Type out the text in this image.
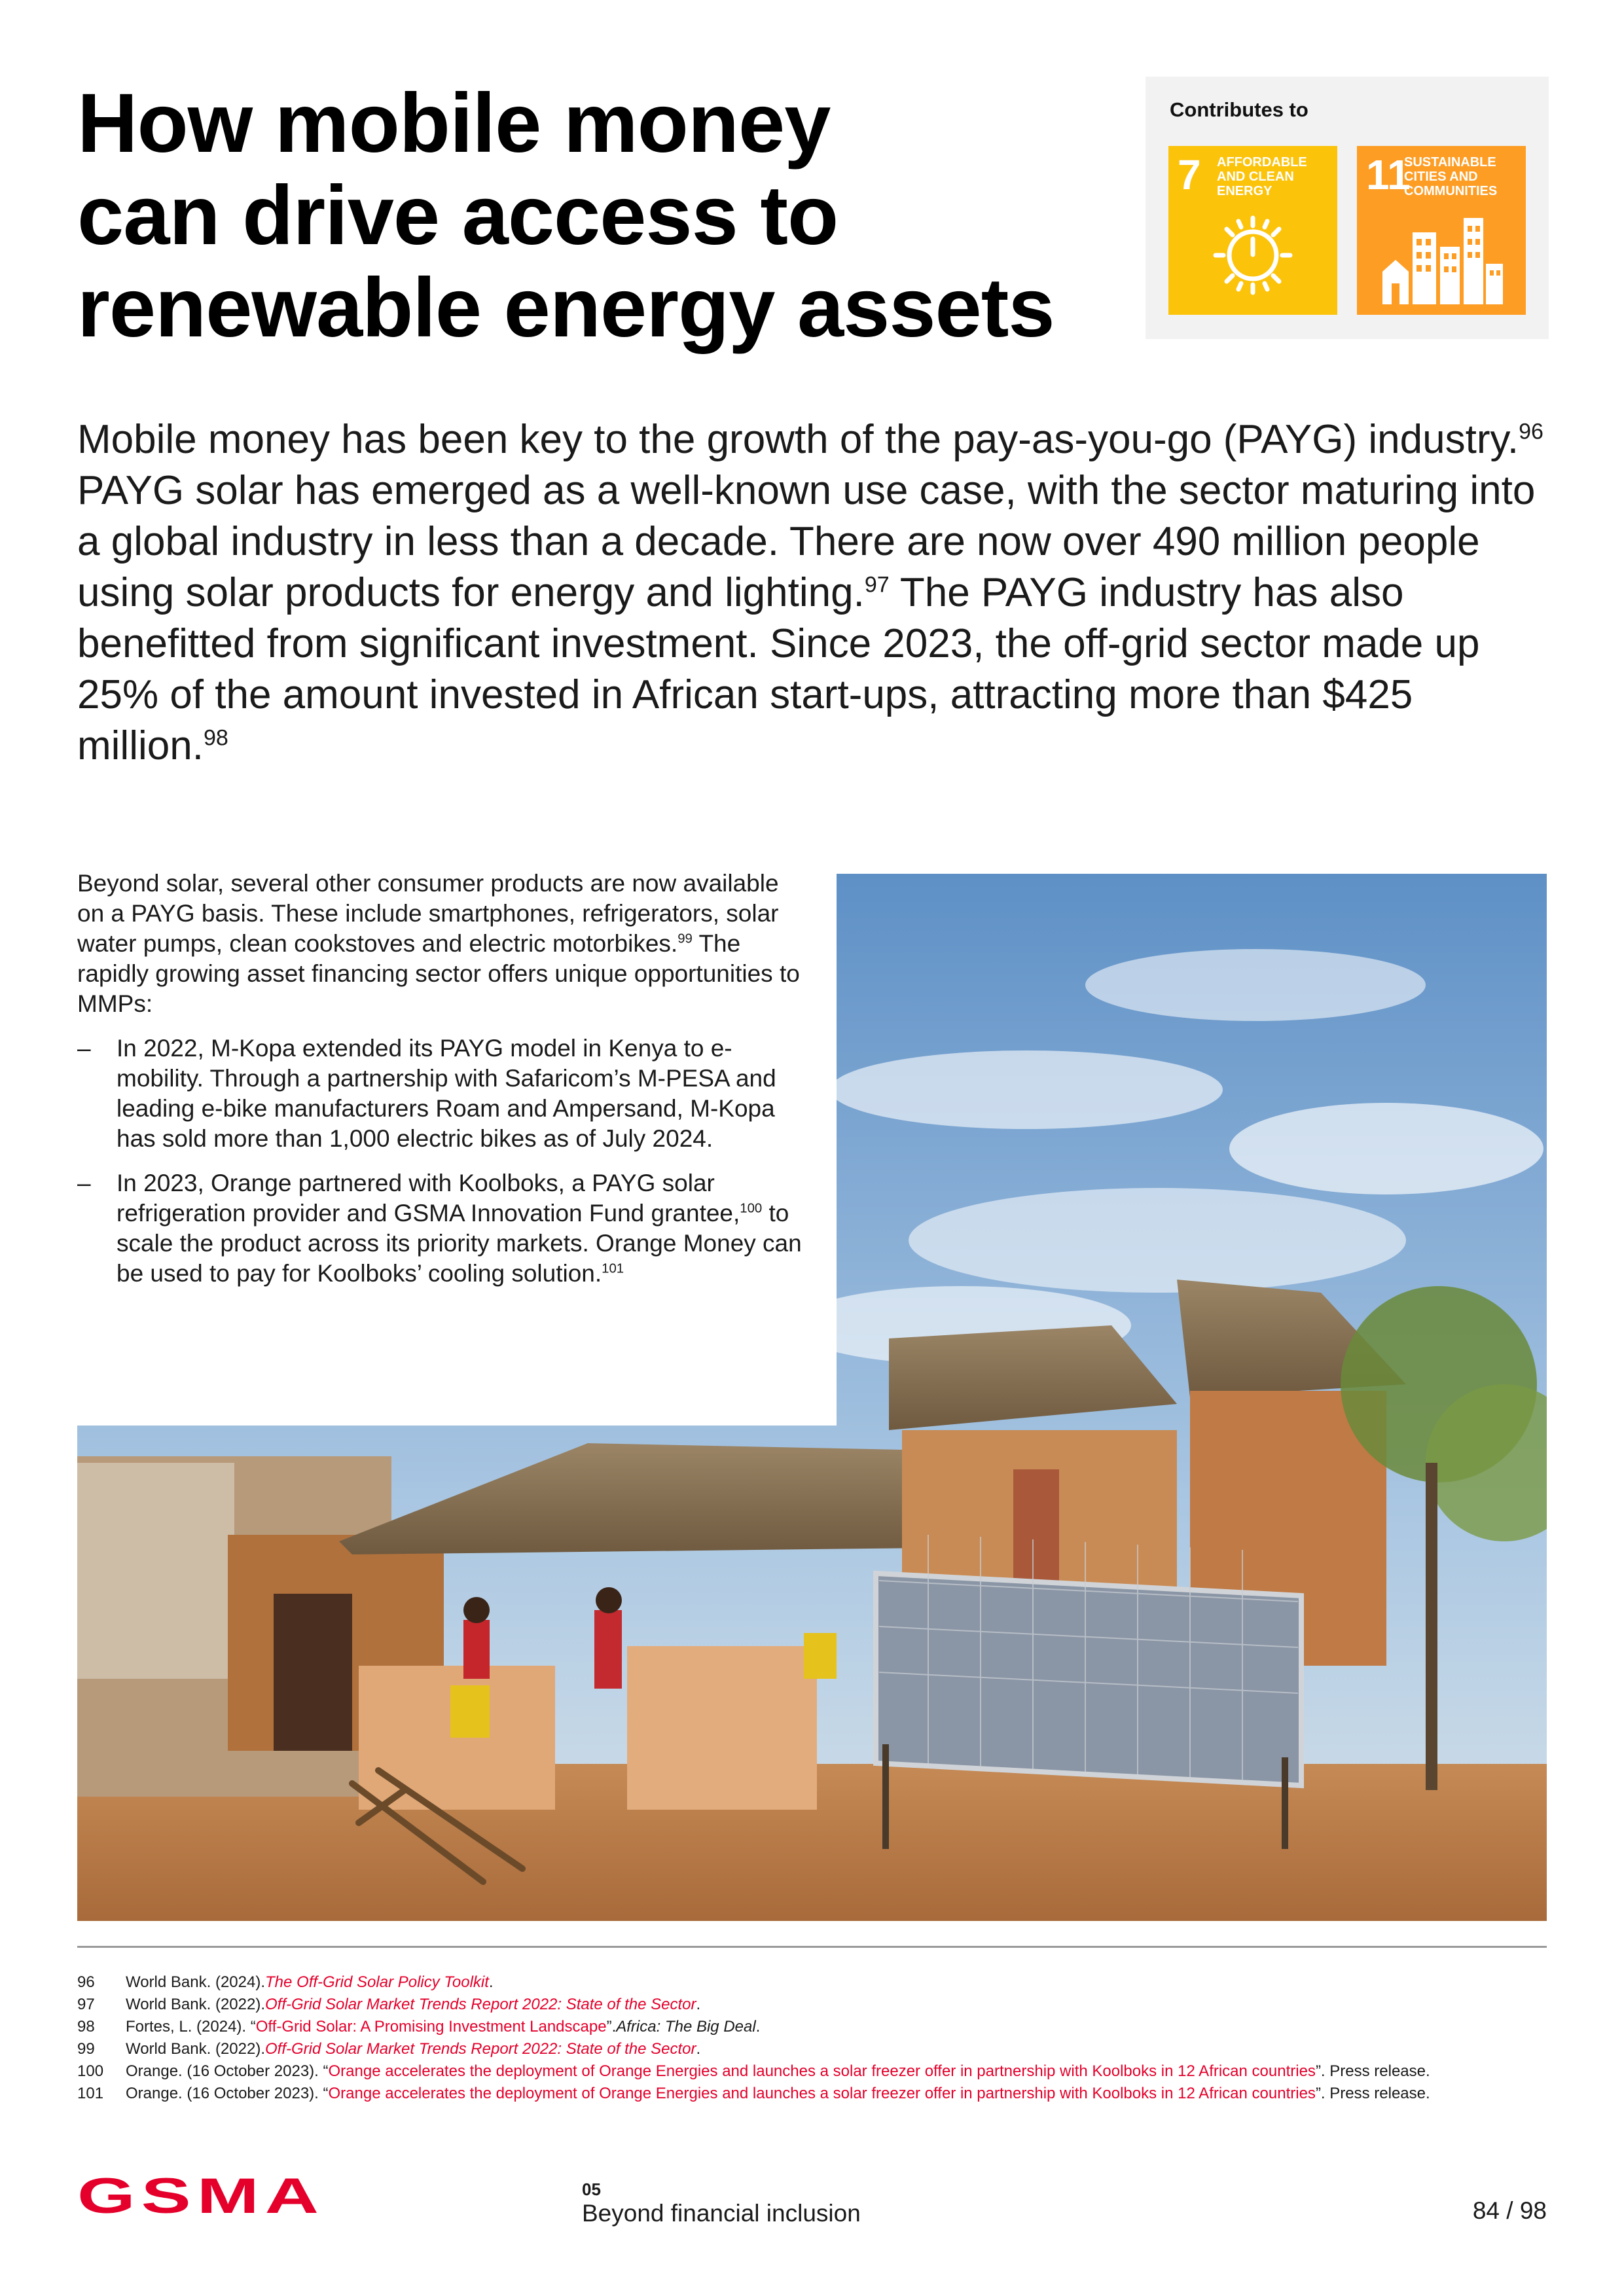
How mobile money
can drive access to
renewable energy assets
Contributes to
7 AFFORDABLE AND CLEAN ENERGY	11
SUSTAINABLE CITIES AND COMMUNITIES

Mobile money has been key to the growth of the pay-as-you-go (PAYG) industry.$^{96}$ PAYG solar has emerged as a well-known use case, with the sector maturing into a global industry in less than a decade. There are now over 490 million people using solar products for energy and lighting.$^{97}$ The PAYG industry has also benefitted from significant investment. Since 2023, the off-grid sector made up 25% of the amount invested in African start-ups, attracting more than $425 million.$^{98}$

Beyond solar, several other consumer products are now available on a PAYG basis. These include smartphones, refrigerators, solar water pumps, clean cookstoves and electric motorbikes.$^{99}$ The rapidly growing asset financing sector offers unique opportunities to MMPs:

– In 2022, M-Kopa extended its PAYG model in Kenya to e-mobility. Through a partnership with Safaricom’s M-PESA and leading e-bike manufacturers Roam and Ampersand, M-Kopa has sold more than 1,000 electric bikes as of July 2024.
– In 2023, Orange partnered with Koolboks, a PAYG solar refrigeration provider and GSMA Innovation Fund grantee,$^{100}$ to scale the product across its priority markets. Orange Money can be used to pay for Koolboks’ cooling solution.$^{101}$
96	World Bank. (2024). The Off-Grid Solar Policy Toolkit .
97	World Bank. (2022). Off-Grid Solar Market Trends Report 2022: State of the Sector .
98	Fortes, L. (2024). “ Off-Grid Solar: A Promising Investment Landscape ”. Africa: The Big Deal .
99	World Bank. (2022). Off-Grid Solar Market Trends Report 2022: State of the Sector .
100	Orange. (16 October 2023). “ Orange accelerates the deployment of Orange Energies and launches a solar freezer offer in partnership with Koolboks in 12 African countries ”. Press release.
101	Orange. (16 October 2023). “ Orange accelerates the deployment of Orange Energies and launches a solar freezer offer in partnership with Koolboks in 12 African countries ”. Press release.
GSMA	05
Beyond financial inclusion	84 / 98
